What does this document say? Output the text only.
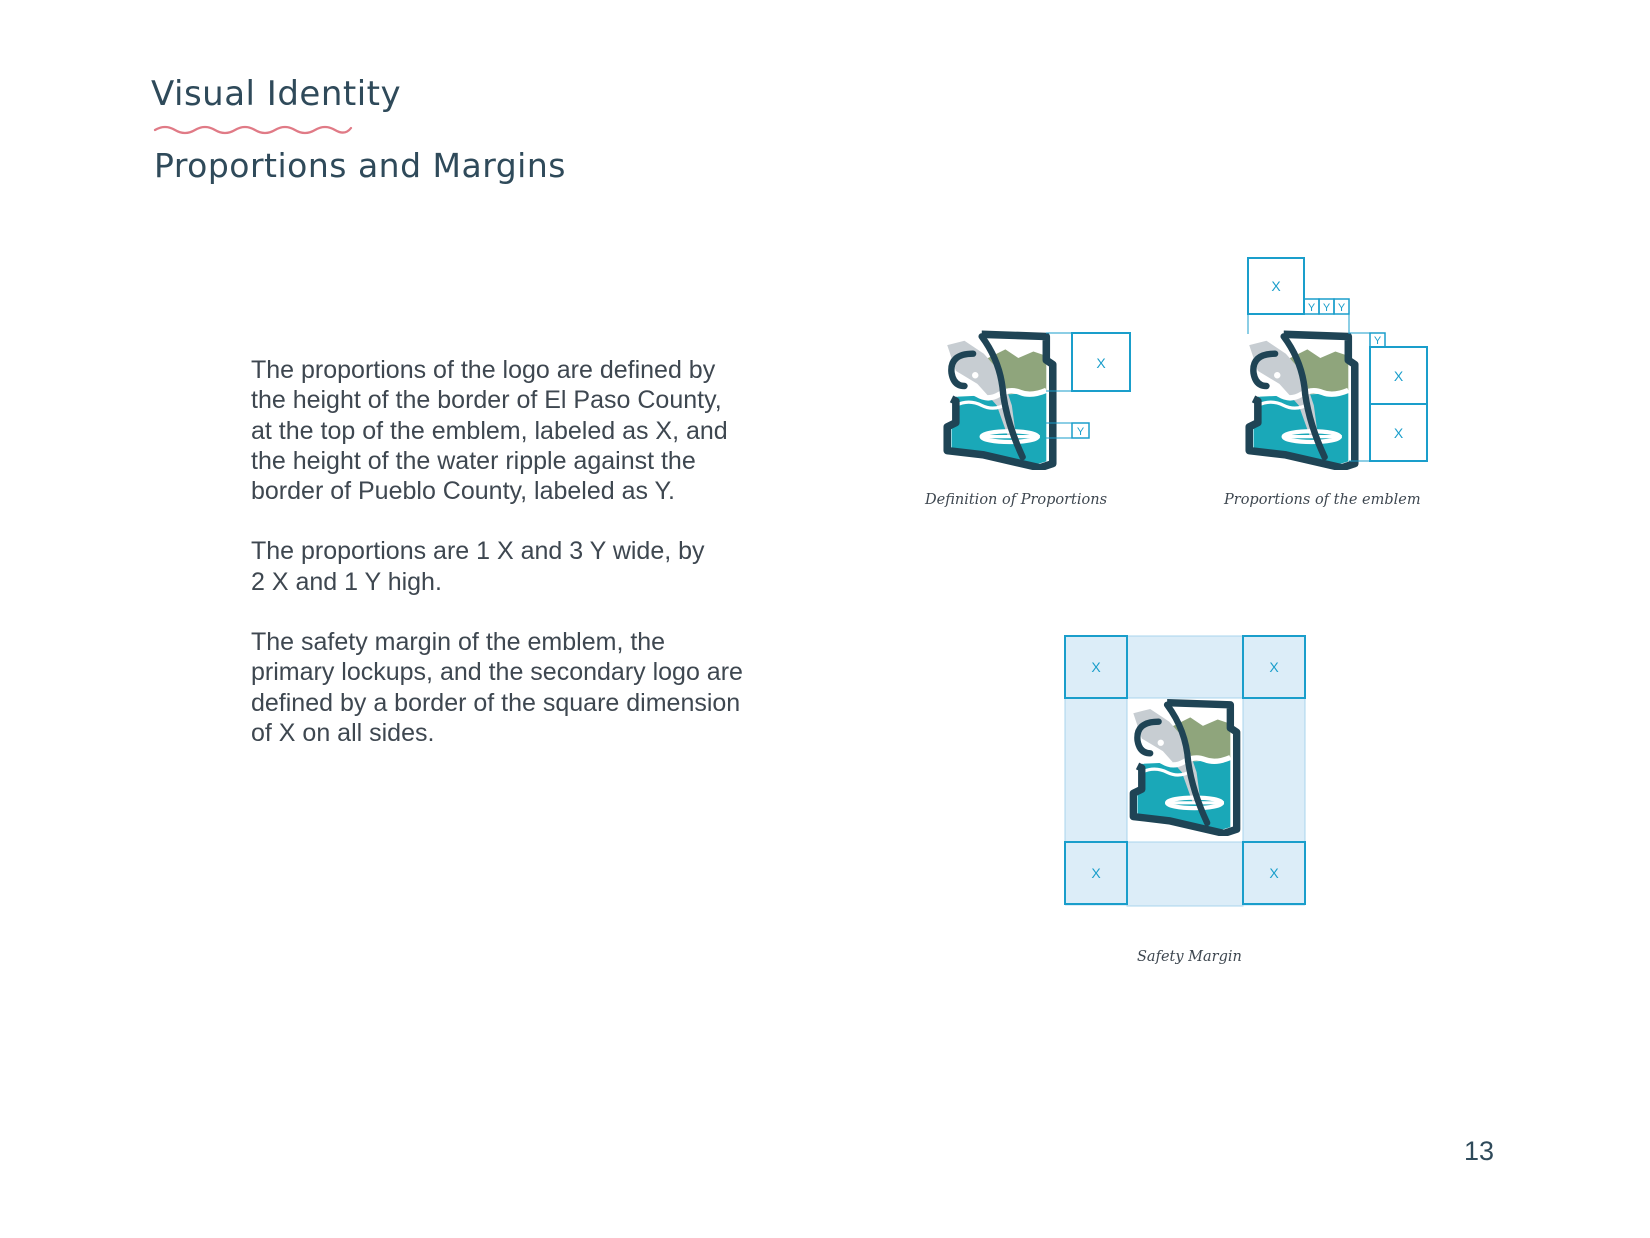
Visual Identity
Proportions and Margins

The proportions of the logo are defined by
the height of the border of El Paso County,
at the top of the emblem, labeled as X, and
the height of the water ripple against the
border of Pueblo County, labeled as Y.

The proportions are 1 X and 3 Y wide, by
2 X and 1 Y high.

The safety margin of the emblem, the
primary lockups, and the secondary logo are
defined by a border of the square dimension
of X on all sides.

X
Y
Definition of Proportions
X
Y Y Y
Y
X
X
Proportions of the emblem
X	X
X	X
Safety Margin
13
